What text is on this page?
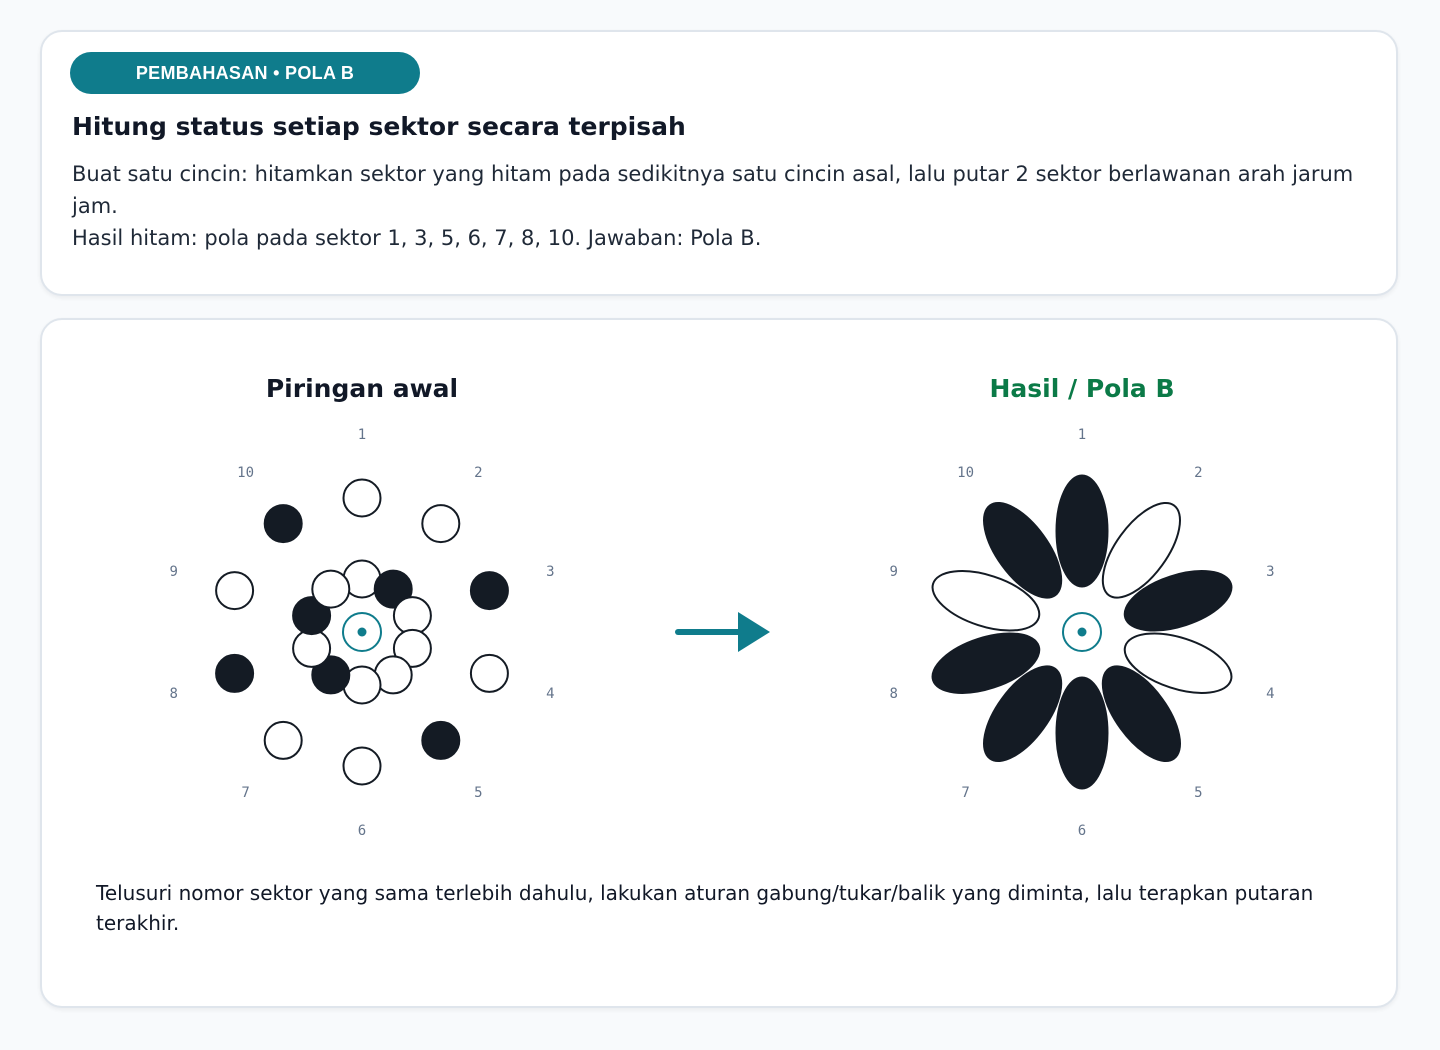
PEMBAHASAN • POLA B
Hitung status setiap sektor secara terpisah

Buat satu cincin: hitamkan sektor yang hitam pada sedikitnya satu cincin asal, lalu putar 2 sektor berlawanan arah jarum jam.

Hasil hitam: pola pada sektor 1, 3, 5, 6, 7, 8, 10. Jawaban: Pola B.

Piringan awal	Hasil / Pola B
1
2
3
4
5
6
7
8
9
10
1
2
3
4
5
6
7
8
9
10

Telusuri nomor sektor yang sama terlebih dahulu, lakukan aturan gabung/tukar/balik yang diminta, lalu terapkan putaran terakhir.
